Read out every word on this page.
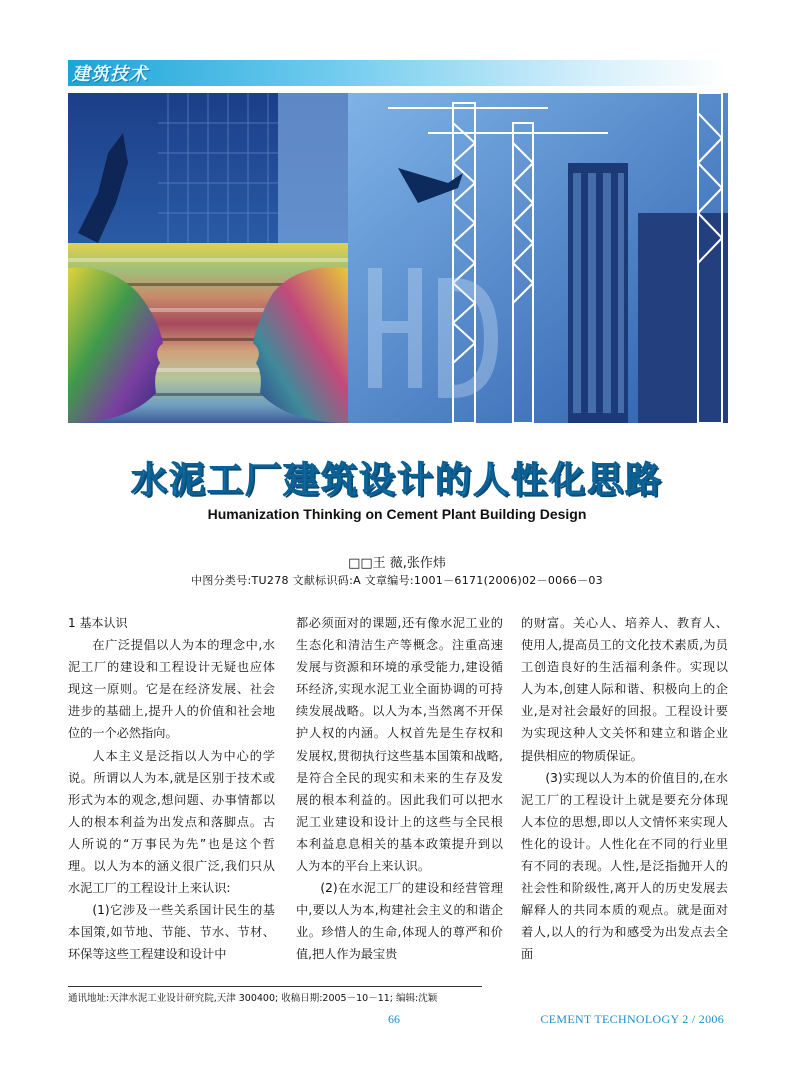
建筑技术
水泥工厂建筑设计的人性化思路
Humanization Thinking on Cement Plant Building Design
□□王 薇,张作炜
中图分类号:TU278 文献标识码:A 文章编号:1001－6171(2006)02－0066－03

1 基本认识

在广泛提倡以人为本的理念中,水泥工厂的建设和工程设计无疑也应体现这一原则。它是在经济发展、社会进步的基础上,提升人的价值和社会地位的一个必然指向。

人本主义是泛指以人为中心的学说。所谓以人为本,就是区别于技术或形式为本的观念,想问题、办事情都以人的根本利益为出发点和落脚点。古人所说的“万事民为先”也是这个哲理。以人为本的涵义很广泛,我们只从水泥工厂的工程设计上来认识:

(1)它涉及一些关系国计民生的基本国策,如节地、节能、节水、节材、环保等这些工程建设和设计中

都必须面对的课题,还有像水泥工业的生态化和清洁生产等概念。注重高速发展与资源和环境的承受能力,建设循环经济,实现水泥工业全面协调的可持续发展战略。以人为本,当然离不开保护人权的内涵。人权首先是生存权和发展权,贯彻执行这些基本国策和战略,是符合全民的现实和未来的生存及发展的根本利益的。因此我们可以把水泥工业建设和设计上的这些与全民根本利益息息相关的基本政策提升到以人为本的平台上来认识。

(2)在水泥工厂的建设和经营管理中,要以人为本,构建社会主义的和谐企业。珍惜人的生命,体现人的尊严和价值,把人作为最宝贵

的财富。关心人、培养人、教育人、使用人,提高员工的文化技术素质,为员工创造良好的生活福利条件。实现以人为本,创建人际和谐、积极向上的企业,是对社会最好的回报。工程设计要为实现这种人文关怀和建立和谐企业提供相应的物质保证。

(3)实现以人为本的价值目的,在水泥工厂的工程设计上就是要充分体现人本位的思想,即以人文情怀来实现人性化的设计。人性化在不同的行业里有不同的表现。人性,是泛指抛开人的社会性和阶级性,离开人的历史发展去解释人的共同本质的观点。就是面对着人,以人的行为和感受为出发点去全面

通讯地址:天津水泥工业设计研究院,天津 300400; 收稿日期:2005－10－11; 编辑:沈颖
66	CEMENT TECHNOLOGY 2 / 2006
